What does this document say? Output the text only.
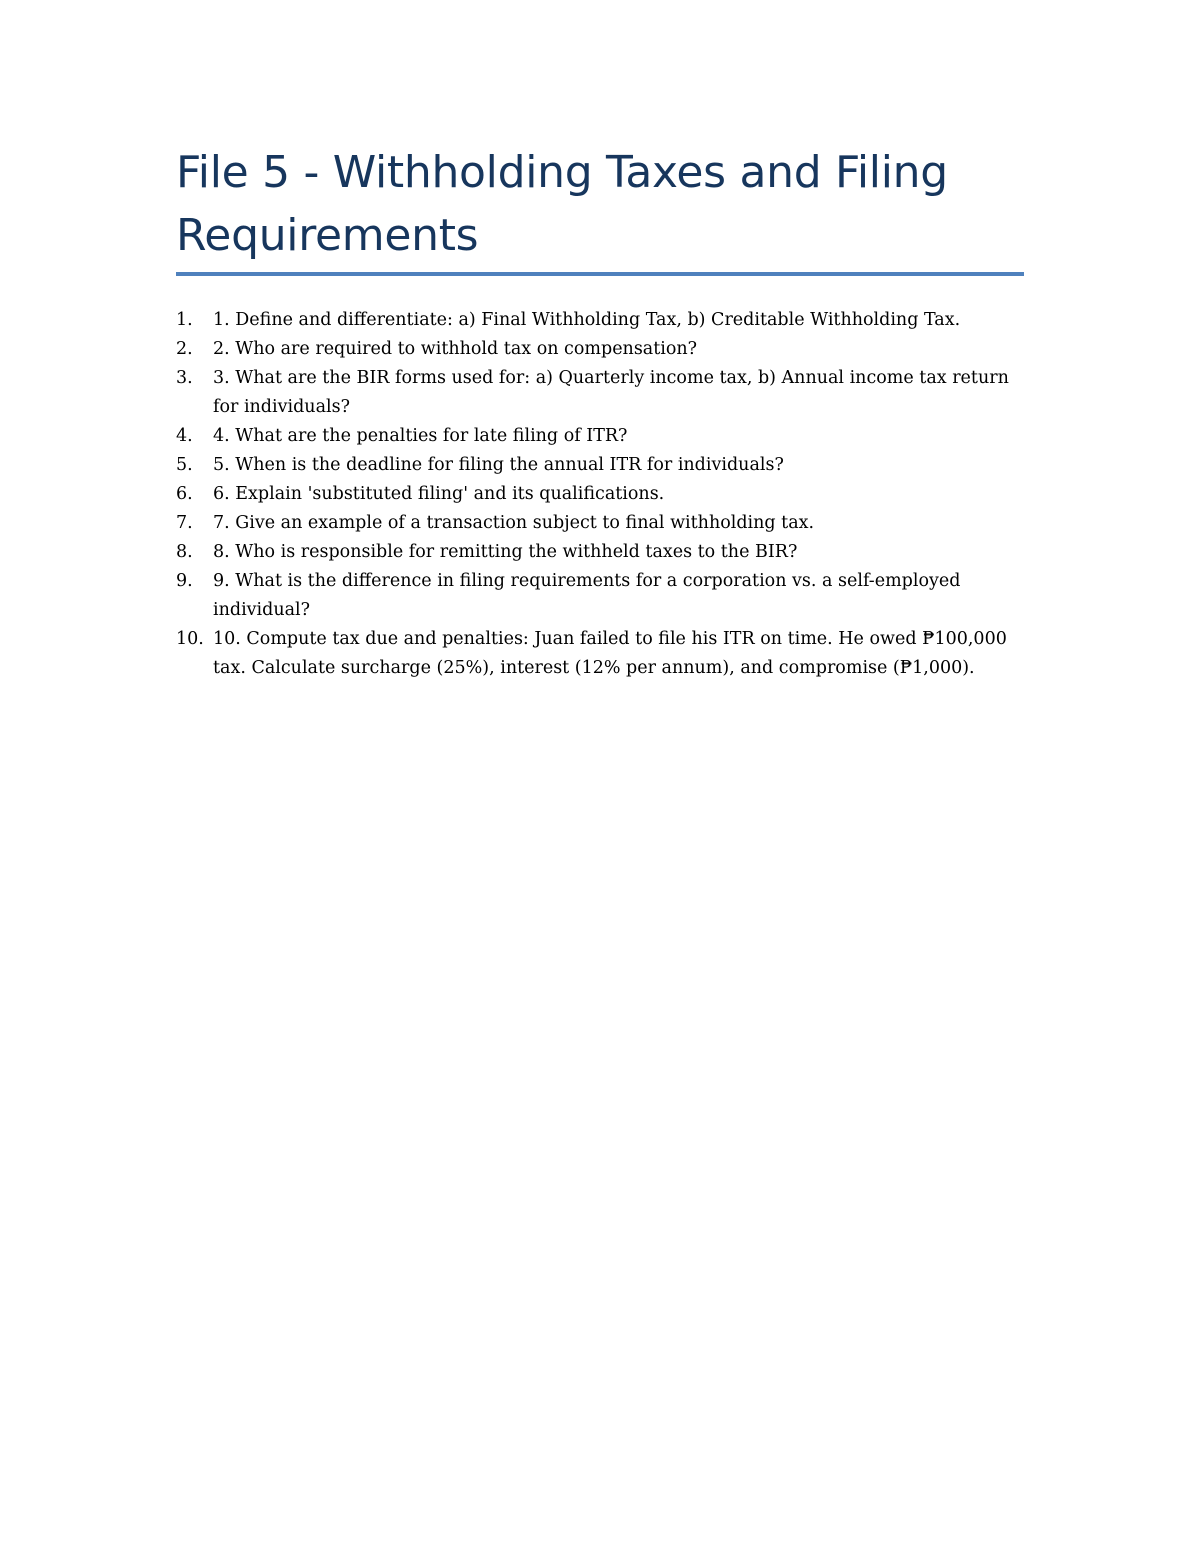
File 5 - Withholding Taxes and Filing Requirements
1. 1. Define and differentiate: a) Final Withholding Tax, b) Creditable Withholding Tax.
2. 2. Who are required to withhold tax on compensation?
3. 3. What are the BIR forms used for: a) Quarterly income tax, b) Annual income tax return for individuals?
4. 4. What are the penalties for late filing of ITR?
5. 5. When is the deadline for filing the annual ITR for individuals?
6. 6. Explain 'substituted filing' and its qualifications.
7. 7. Give an example of a transaction subject to final withholding tax.
8. 8. Who is responsible for remitting the withheld taxes to the BIR?
9. 9. What is the difference in filing requirements for a corporation vs. a self-employed individual?
10. 10. Compute tax due and penalties: Juan failed to file his ITR on time. He owed ₱100,000 tax. Calculate surcharge (25%), interest (12% per annum), and compromise (₱1,000).
